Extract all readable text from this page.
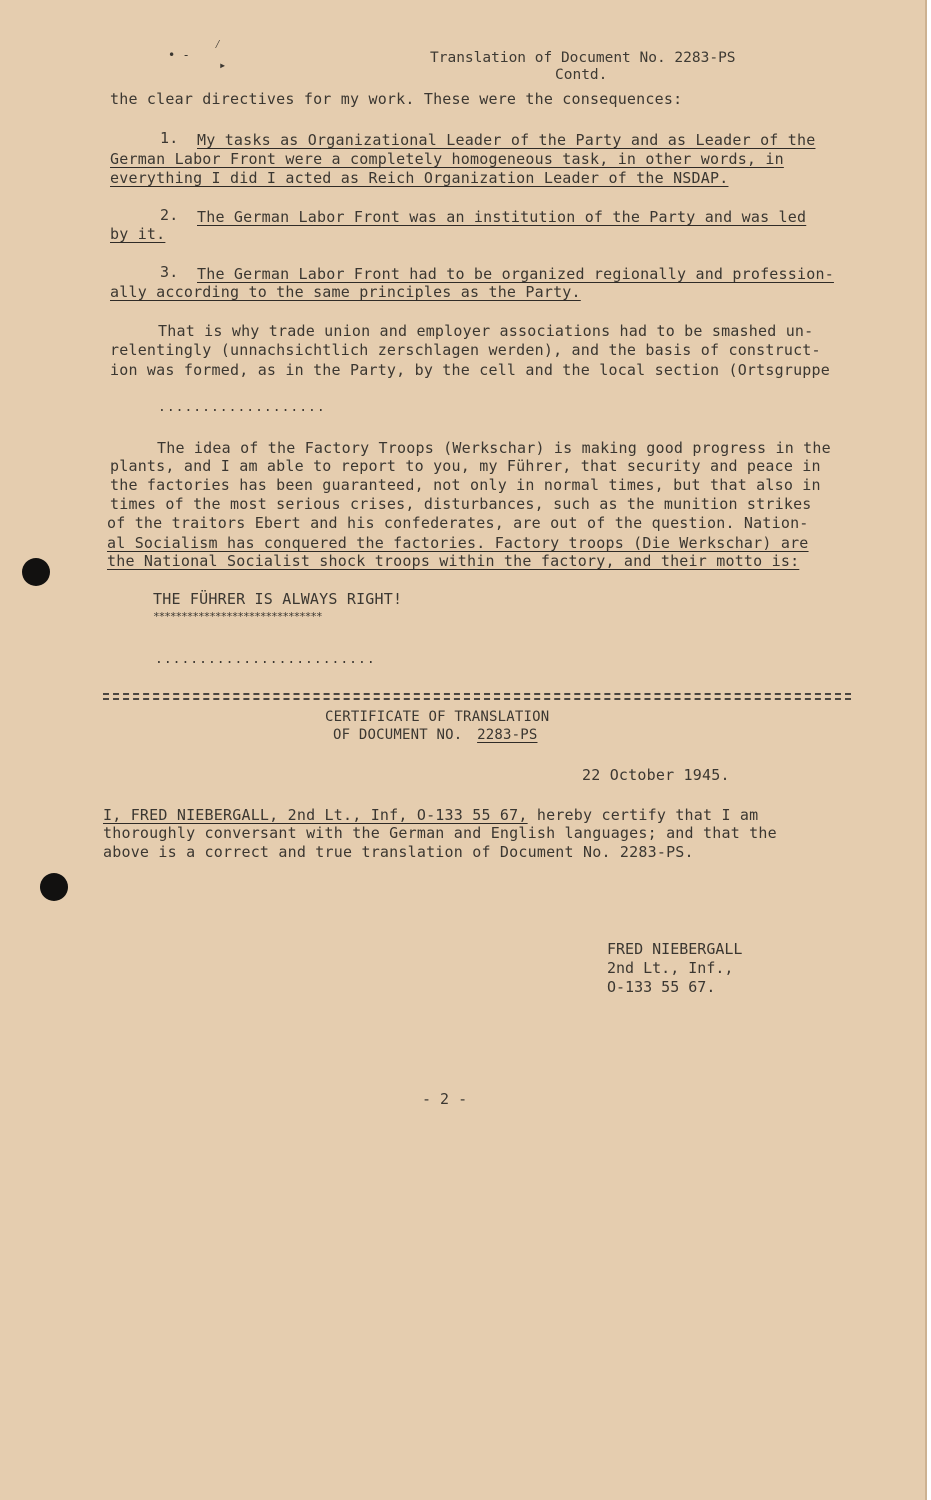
Translation of Document No. 2283-PS
Contd.
• -
⁄
▸
the clear directives for my work. These were the consequences:
1. My tasks as Organizational Leader of the Party and as Leader of the
German Labor Front were a completely homogeneous task, in other words, in
everything I did I acted as Reich Organization Leader of the NSDAP.
2. The German Labor Front was an institution of the Party and was led
by it.
3. The German Labor Front had to be organized regionally and profession-
ally according to the same principles as the Party.
That is why trade union and employer associations had to be smashed un-
relentingly (unnachsichtlich zerschlagen werden), and the basis of construct-
ion was formed, as in the Party, by the cell and the local section (Ortsgruppe
...................
The idea of the Factory Troops (Werkschar) is making good progress in the
plants, and I am able to report to you, my Führer, that security and peace in
the factories has been guaranteed, not only in normal times, but that also in
times of the most serious crises, disturbances, such as the munition strikes
of the traitors Ebert and his confederates, are out of the question. Nation-
al Socialism has conquered the factories. Factory troops (Die Werkschar) are
the National Socialist shock troops within the factory, and their motto is:
THE FÜHRER IS ALWAYS RIGHT!
******************************
.........................
CERTIFICATE OF TRANSLATION
OF DOCUMENT NO. 2283-PS
22 October 1945.
I, FRED NIEBERGALL, 2nd Lt., Inf, O-133 55 67, hereby certify that I am
thoroughly conversant with the German and English languages; and that the
above is a correct and true translation of Document No. 2283-PS.
FRED NIEBERGALL
2nd Lt., Inf.,
O-133 55 67.
- 2 -
